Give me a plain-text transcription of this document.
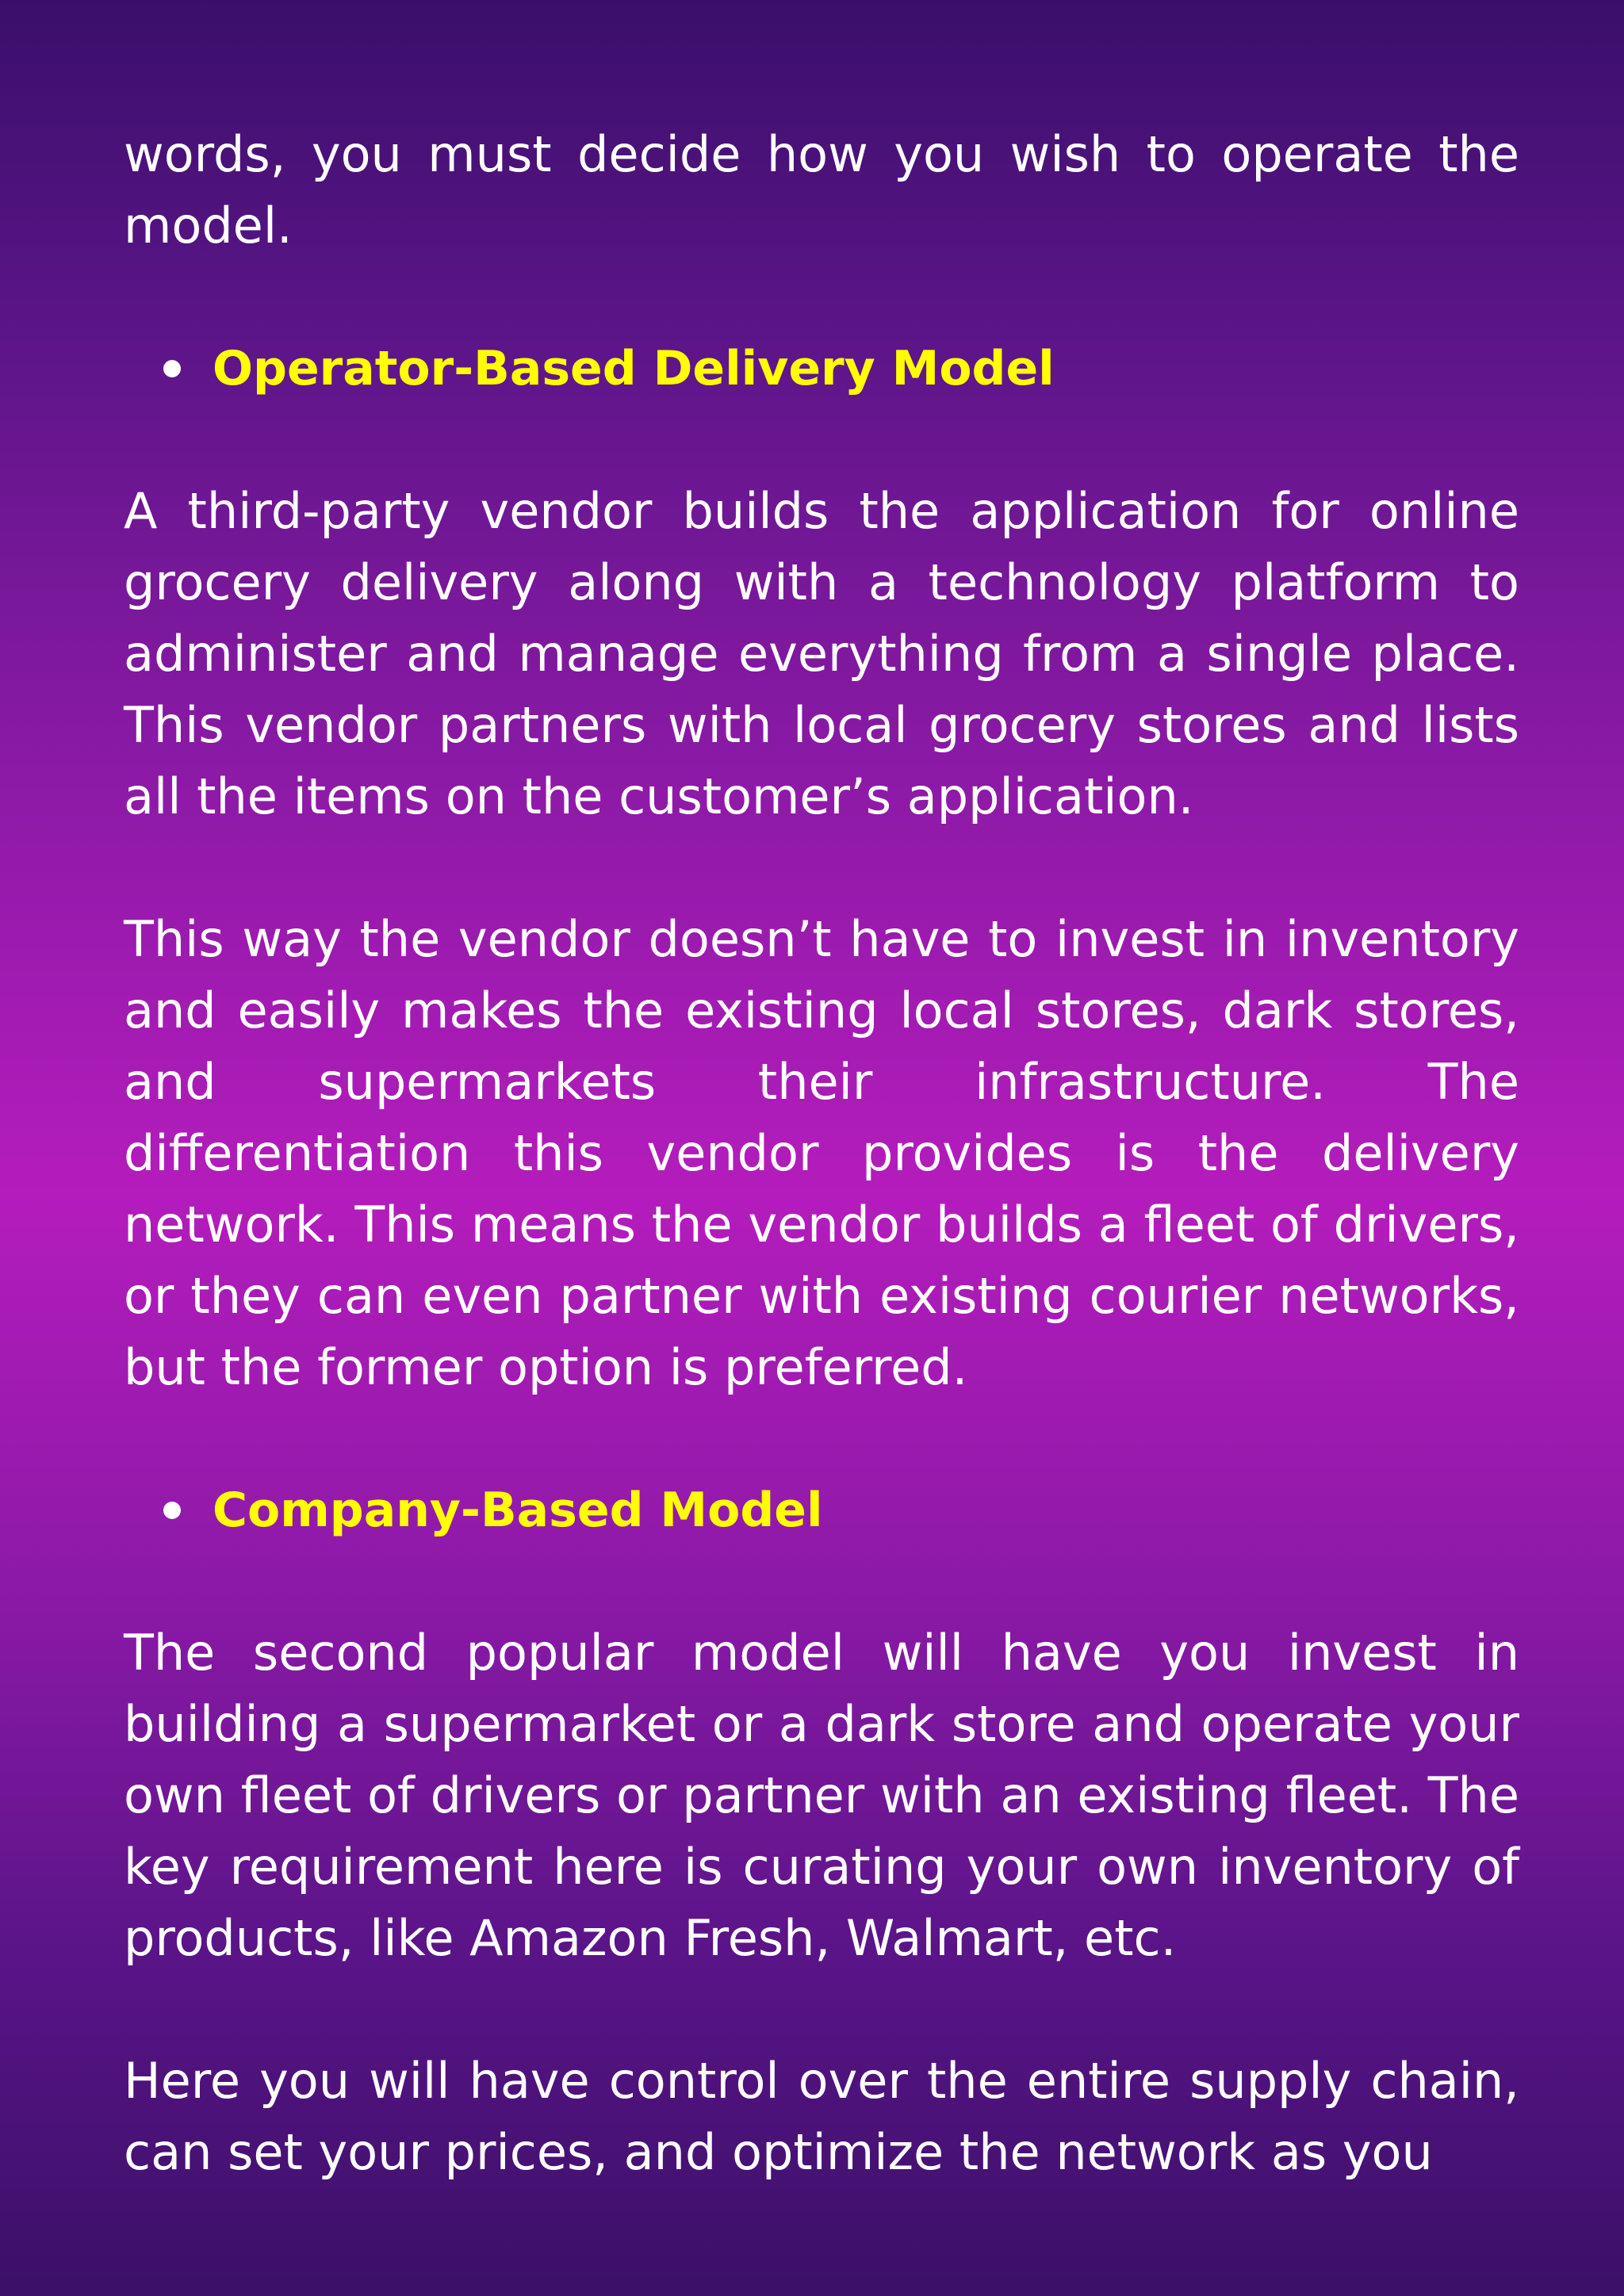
words, you must decide how you wish to operate the model.

Operator-Based Delivery Model

A third-party vendor builds the application for online grocery delivery along with a technology platform to administer and manage everything from a single place. This vendor partners with local grocery stores and lists all the items on the customer’s application.

This way the vendor doesn’t have to invest in inventory and easily makes the existing local stores, dark stores, and supermarkets their infrastructure. The differentiation this vendor provides is the delivery network. This means the vendor builds a fleet of drivers, or they can even partner with existing courier networks, but the former option is preferred.

Company-Based Model

The second popular model will have you invest in building a supermarket or a dark store and operate your own fleet of drivers or partner with an existing fleet. The key requirement here is curating your own inventory of products, like Amazon Fresh, Walmart, etc.

Here you will have control over the entire supply chain, can set your prices, and optimize the network as you
